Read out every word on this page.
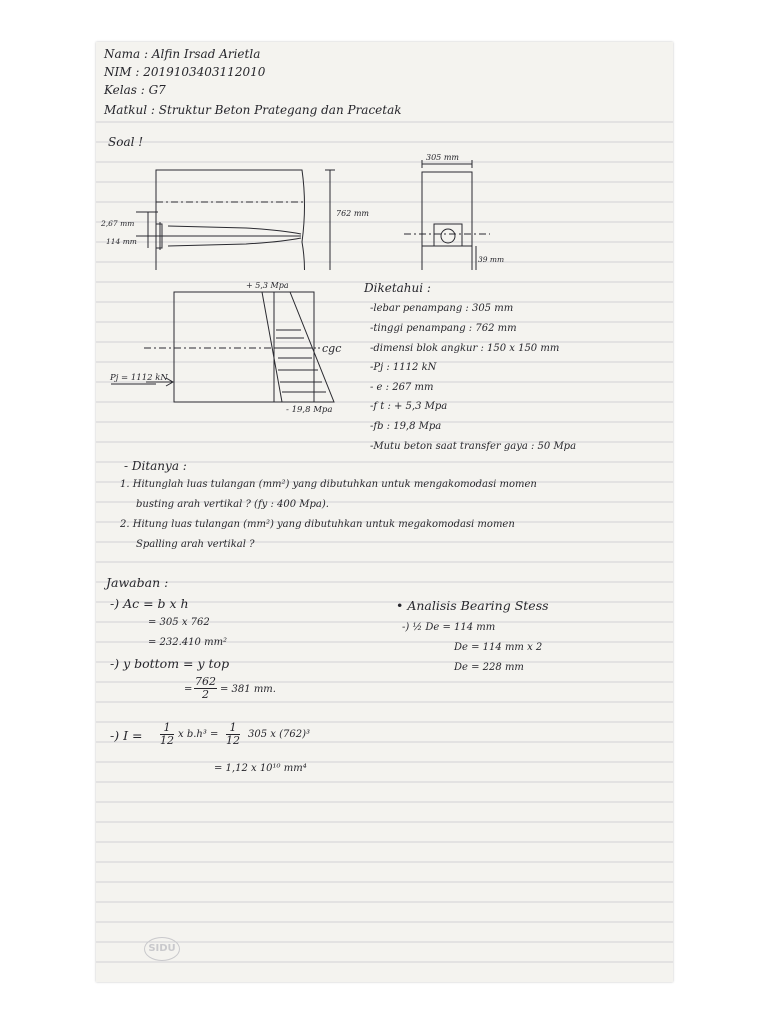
Nama : Alfin Irsad Arietla
NIM : 2019103403112010
Kelas : G7
Matkul : Struktur Beton Prategang dan Pracetak
Soal !
305 mm
762 mm
2,67 mm
114 mm
39 mm
+ 5,3 Mpa
cgc
Pj = 1112 kN
- 19,8 Mpa
Diketahui :
-lebar penampang : 305 mm
-tinggi penampang : 762 mm
-dimensi blok angkur : 150 x 150 mm
-Pj : 1112 kN
- e : 267 mm
-f t : + 5,3 Mpa
-fb : 19,8 Mpa
-Mutu beton saat transfer gaya : 50 Mpa
- Ditanya :
1. Hitunglah luas tulangan (mm²) yang dibutuhkan untuk mengakomodasi momen
busting arah vertikal ? (fy : 400 Mpa).
2. Hitung luas tulangan (mm²) yang dibutuhkan untuk megakomodasi momen
Spalling arah vertikal ?
Jawaban :
-) Ac = b x h
= 305 x 762
= 232.410 mm²
-) y bottom = y top
= $\frac{762}{2} = 381$ mm.
-) $I = \frac{1}{12}$ x $b.h^3 = \frac{1}{12} 305$ x (762)³
= 1,12 x 10¹⁰ mm⁴
• Analisis Bearing Stess
-) ½ De = 114 mm
De = 114 mm x 2
De = 228 mm
SIDU
